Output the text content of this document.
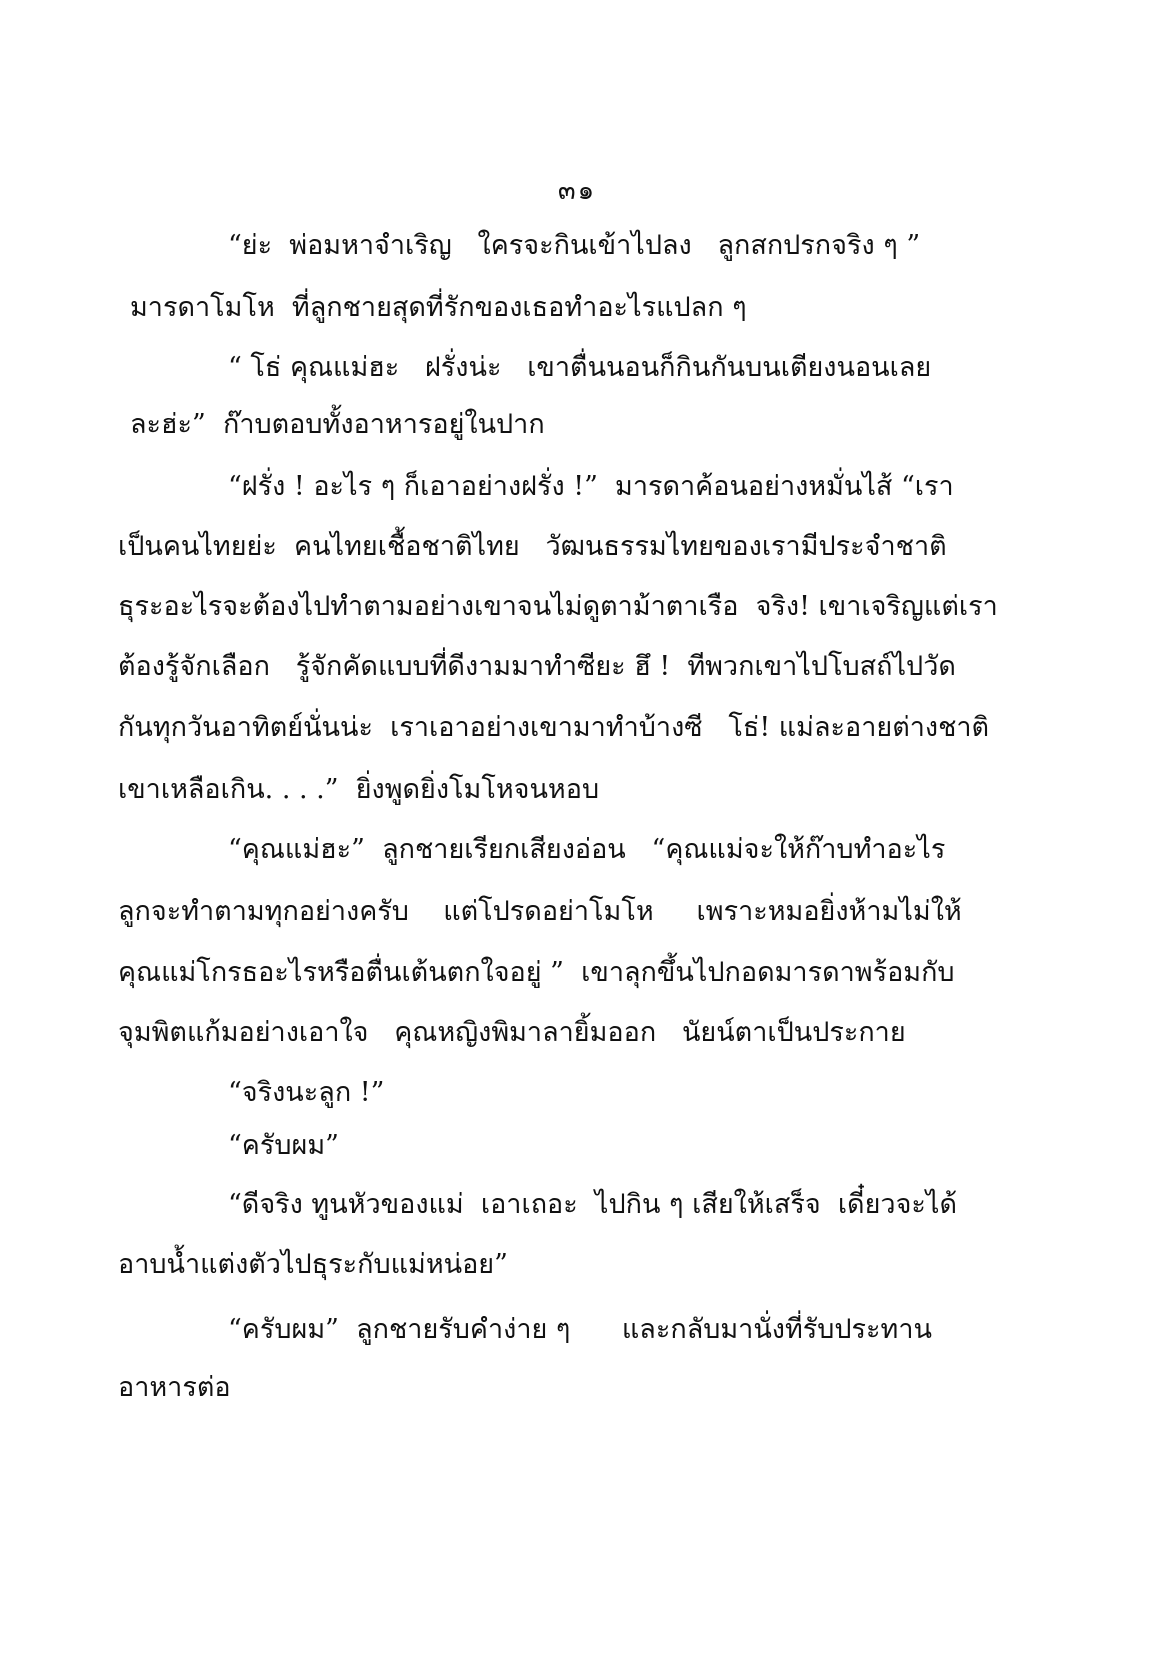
๓๑
“ย่ะ  พ่อมหาจำเริญ   ใครจะกินเข้าไปลง   ลูกสกปรกจริง ๆ ”
มารดาโมโห  ที่ลูกชายสุดที่รักของเธอทำอะไรแปลก ๆ
“ โธ่ คุณแม่ฮะ   ฝรั่งน่ะ   เขาตื่นนอนก็กินกันบนเตียงนอนเลย
ละฮ่ะ”  ก๊าบตอบทั้งอาหารอยู่ในปาก
“ฝรั่ง ! อะไร ๆ ก็เอาอย่างฝรั่ง !”  มารดาค้อนอย่างหมั่นไส้ “เรา
เป็นคนไทยย่ะ  คนไทยเชื้อชาติไทย   วัฒนธรรมไทยของเรามีประจำชาติ
ธุระอะไรจะต้องไปทำตามอย่างเขาจนไม่ดูตาม้าตาเรือ  จริง! เขาเจริญแต่เรา
ต้องรู้จักเลือก   รู้จักคัดแบบที่ดีงามมาทำซียะ ฮึ !  ทีพวกเขาไปโบสถ์ไปวัด
กันทุกวันอาทิตย์นั่นน่ะ  เราเอาอย่างเขามาทำบ้างซี   โธ่! แม่ละอายต่างชาติ
เขาเหลือเกิน. . . .”  ยิ่งพูดยิ่งโมโหจนหอบ
“คุณแม่ฮะ”  ลูกชายเรียกเสียงอ่อน   “คุณแม่จะให้ก๊าบทำอะไร
ลูกจะทำตามทุกอย่างครับ    แต่โปรดอย่าโมโห     เพราะหมอยิ่งห้ามไม่ให้
คุณแม่โกรธอะไรหรือตื่นเต้นตกใจอยู่ ”  เขาลุกขึ้นไปกอดมารดาพร้อมกับ
จุมพิตแก้มอย่างเอาใจ   คุณหญิงพิมาลายิ้มออก   นัยน์ตาเป็นประกาย
“จริงนะลูก !”
“ครับผม”
“ดีจริง ทูนหัวของแม่  เอาเถอะ  ไปกิน ๆ เสียให้เสร็จ  เดี๋ยวจะได้
อาบน้ำแต่งตัวไปธุระกับแม่หน่อย”
“ครับผม”  ลูกชายรับคำง่าย ๆ      และกลับมานั่งที่รับประทาน
อาหารต่อ
